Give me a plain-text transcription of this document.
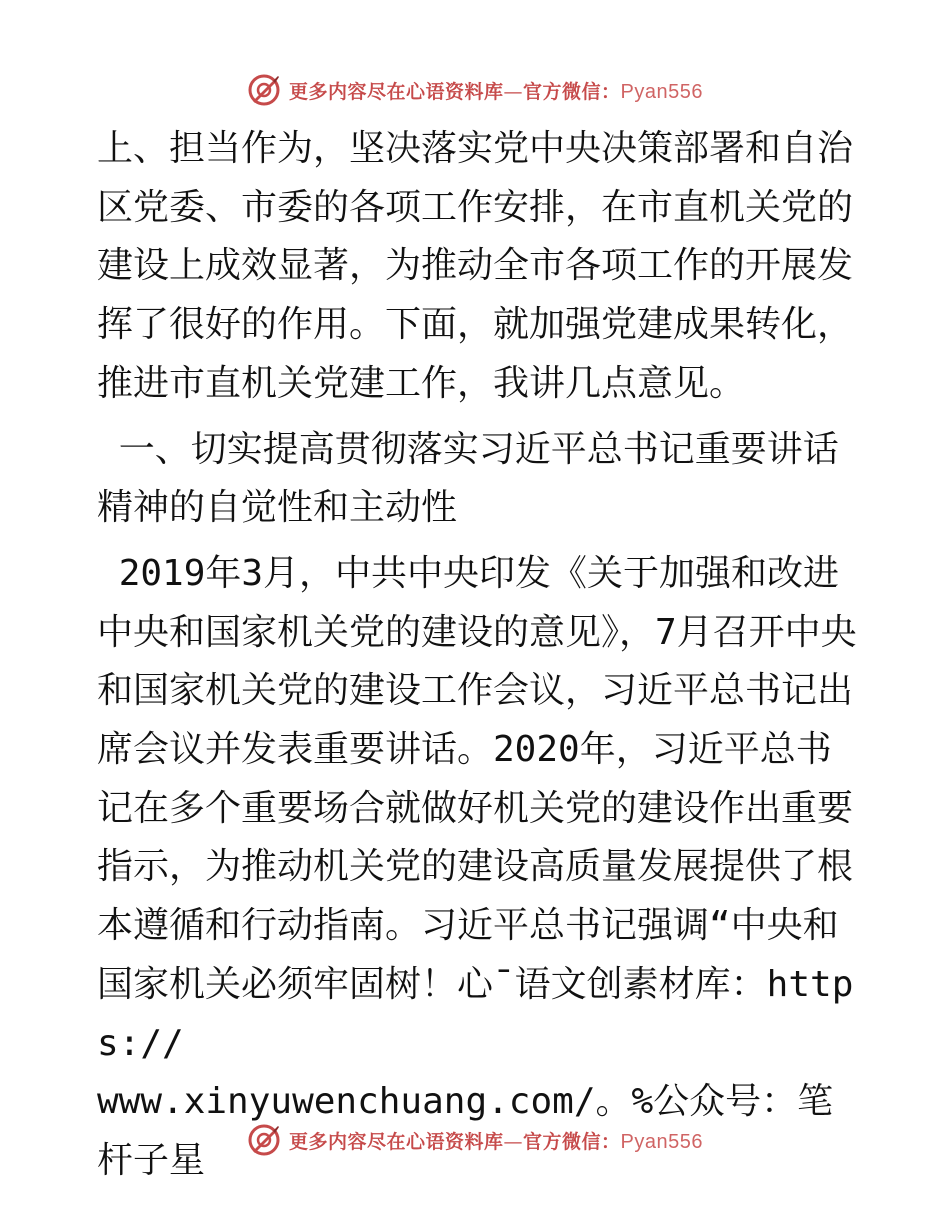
更多内容尽在心语资料库—官方微信：Pyan556

上、担当作为，坚决落实党中央决策部署和自治区党委、市委的各项工作安排，在市直机关党的建设上成效显著，为推动全市各项工作的开展发挥了很好的作用。下面，就加强党建成果转化，推进市直机关党建工作，我讲几点意见。

一、切实提高贯彻落实习近平总书记重要讲话精神的自觉性和主动性

2019年3月，中共中央印发《关于加强和改进中央和国家机关党的建设的意见》，7月召开中央和国家机关党的建设工作会议，习近平总书记出席会议并发表重要讲话。2020年，习近平总书记在多个重要场合就做好机关党的建设作出重要指示，为推动机关党的建设高质量发展提供了根本遵循和行动指南。习近平总书记强调“中央和国家机关必须牢固树！心¯语文创素材库：https://

www.xinyuwenchuang.com/。%公众号：笔杆子星	更多内容尽在心语资料库—官方微信：Pyan556
